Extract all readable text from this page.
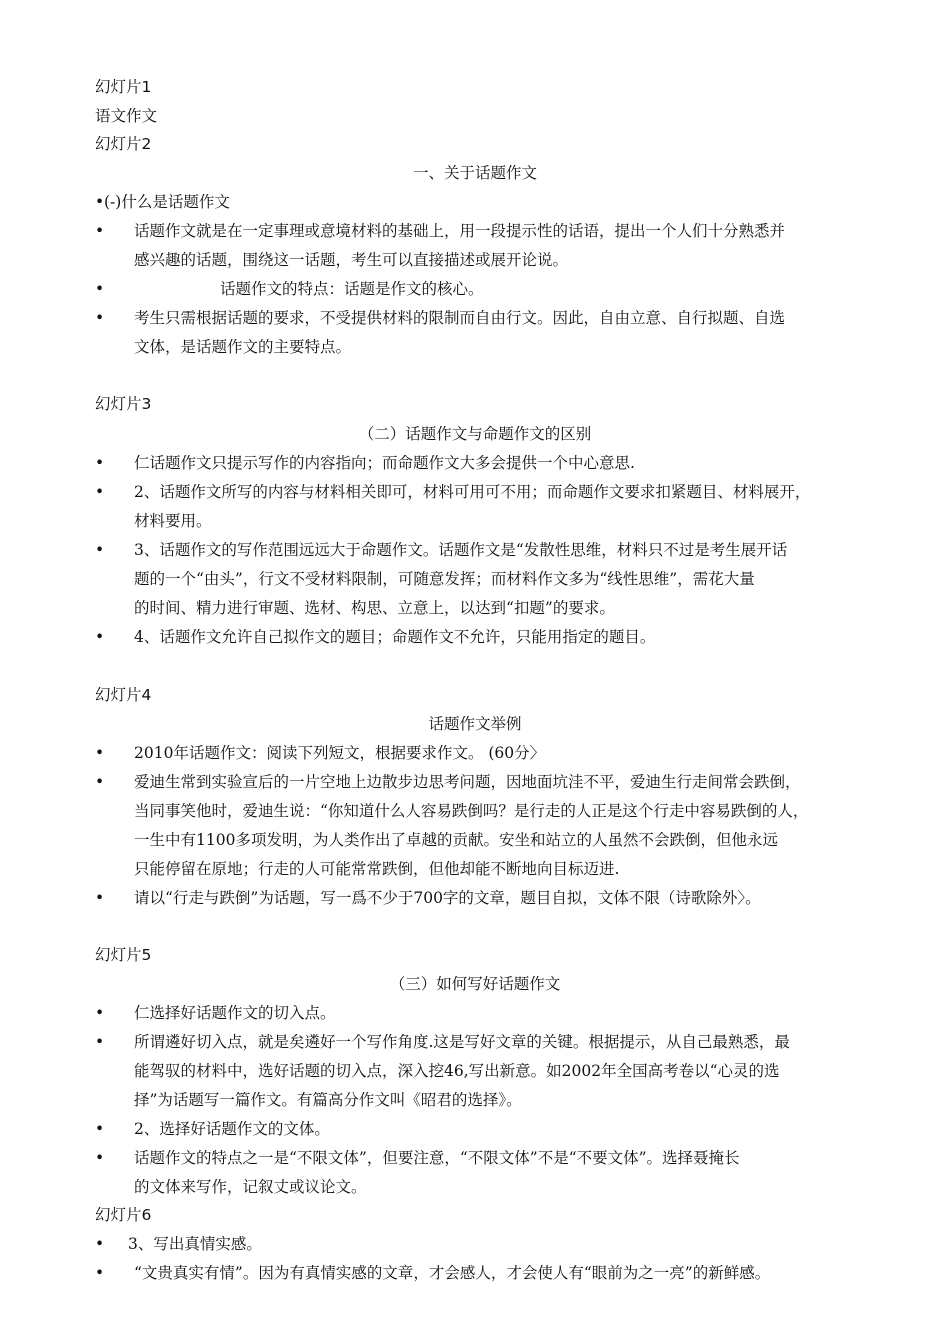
幻灯片1
语文作文
幻灯片2
一、关于话题作文
• (-)什么是话题作文
• 话题作文就是在一定事理或意境材料的基础上，用一段提示性的话语，提出一个人们十分熟悉并
感兴趣的话题，围绕这一话题，考生可以直接描述或展开论说。
•	话题作文的特点：话题是作文的核心。
• 考生只需根据话题的要求，不受提供材料的限制而自由行文。因此，自由立意、自行拟题、自选
文体，是话题作文的主要特点。
幻灯片3
（二）话题作文与命题作文的区别
• 仁话题作文只提示写作的内容指向；而命题作文大多会提供一个中心意思.
• 2、话题作文所写的内容与材料相关即可，材料可用可不用；而命题作文要求扣紧题目、材料展开，
材料要用。
• 3、话题作文的写作范围远远大于命题作文。话题作文是“发散性思维，材料只不过是考生展开话
题的一个“由头”，行文不受材料限制，可随意发挥；而材料作文多为“线性思维”，需花大量
的时间、精力进行审题、选材、构思、立意上，以达到“扣题”的要求。
• 4、话题作文允许自己拟作文的题目；命题作文不允许，只能用指定的题目。
幻灯片4
话题作文举例
• 2010年话题作文：阅读下列短文，根据要求作文。 (60分〉
• 爱迪生常到实验宣后的一片空地上边散步边思考问题，因地面坑洼不平，爱迪生行走间常会跌倒，
当同事笑他时，爱迪生说：“你知道什么人容易跌倒吗？是行走的人正是这个行走中容易跌倒的人，
一生中有1100多项发明，为人类作出了卓越的贡献。安坐和站立的人虽然不会跌倒，但他永远
只能停留在原地；行走的人可能常常跌倒，但他却能不断地向目标迈进.
• 请以“行走与跌倒”为话题，写一爲不少于700字的文章，题目自拟，文体不限（诗歌除外〉。
幻灯片5
（三）如何写好话题作文
• 仁选择好话题作文的切入点。
• 所谓遴好切入点，就是矣遴好一个写作角度.这是写好文章的关键。根据提示，从自己最熟悉，最
能驾驭的材料中，选好话题的切入点，深入挖46,写出新意。如2002年全国高考卷以“心灵的选
择”为话题写一篇作文。有篇高分作文叫《昭君的选择》。
• 2、选择好话题作文的文体。
• 话题作文的特点之一是“不限文体”，但要注意，“不限文体”不是“不要文体”。选择聂掩长
的文体来写作，记叙丈或议论文。
幻灯片6
• 3、写出真情实感。
• “文贵真实有情”。因为有真情实感的文章，才会感人，才会使人有“眼前为之一亮”的新鲜感。
